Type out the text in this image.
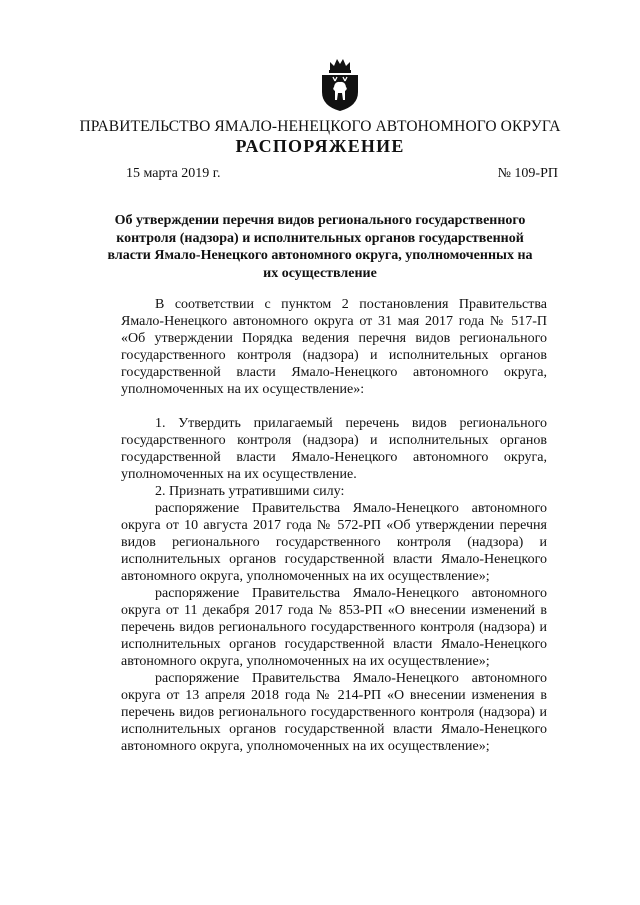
ПРАВИТЕЛЬСТВО ЯМАЛО-НЕНЕЦКОГО АВТОНОМНОГО ОКРУГА
РАСПОРЯЖЕНИЕ
15 марта 2019 г.	№ 109-РП
Об утверждении перечня видов регионального государственного контроля (надзора) и исполнительных органов государственной власти Ямало-Ненецкого автономного округа, уполномоченных на их осуществление

В соответствии с пунктом 2 постановления Правительства Ямало-Ненецкого автономного округа от 31 мая 2017 года № 517-П «Об утверждении Порядка ведения перечня видов регионального государственного контроля (надзора) и исполнительных органов государственной власти Ямало-Ненецкого автономного округа, уполномоченных на их осуществление»:

1. Утвердить прилагаемый перечень видов регионального государственного контроля (надзора) и исполнительных органов государственной власти Ямало-Ненецкого автономного округа, уполномоченных на их осуществление.

2. Признать утратившими силу:

распоряжение Правительства Ямало-Ненецкого автономного округа от 10 августа 2017 года № 572-РП «Об утверждении перечня видов регионального государственного контроля (надзора) и исполнительных органов государственной власти Ямало-Ненецкого автономного округа, уполномоченных на их осуществление»;

распоряжение Правительства Ямало-Ненецкого автономного округа от 11 декабря 2017 года № 853-РП «О внесении изменений в перечень видов регионального государственного контроля (надзора) и исполнительных органов государственной власти Ямало-Ненецкого автономного округа, уполномоченных на их осуществление»;

распоряжение Правительства Ямало-Ненецкого автономного округа от 13 апреля 2018 года № 214-РП «О внесении изменения в перечень видов регионального государственного контроля (надзора) и исполнительных органов государственной власти Ямало-Ненецкого автономного округа, уполномоченных на их осуществление»;
